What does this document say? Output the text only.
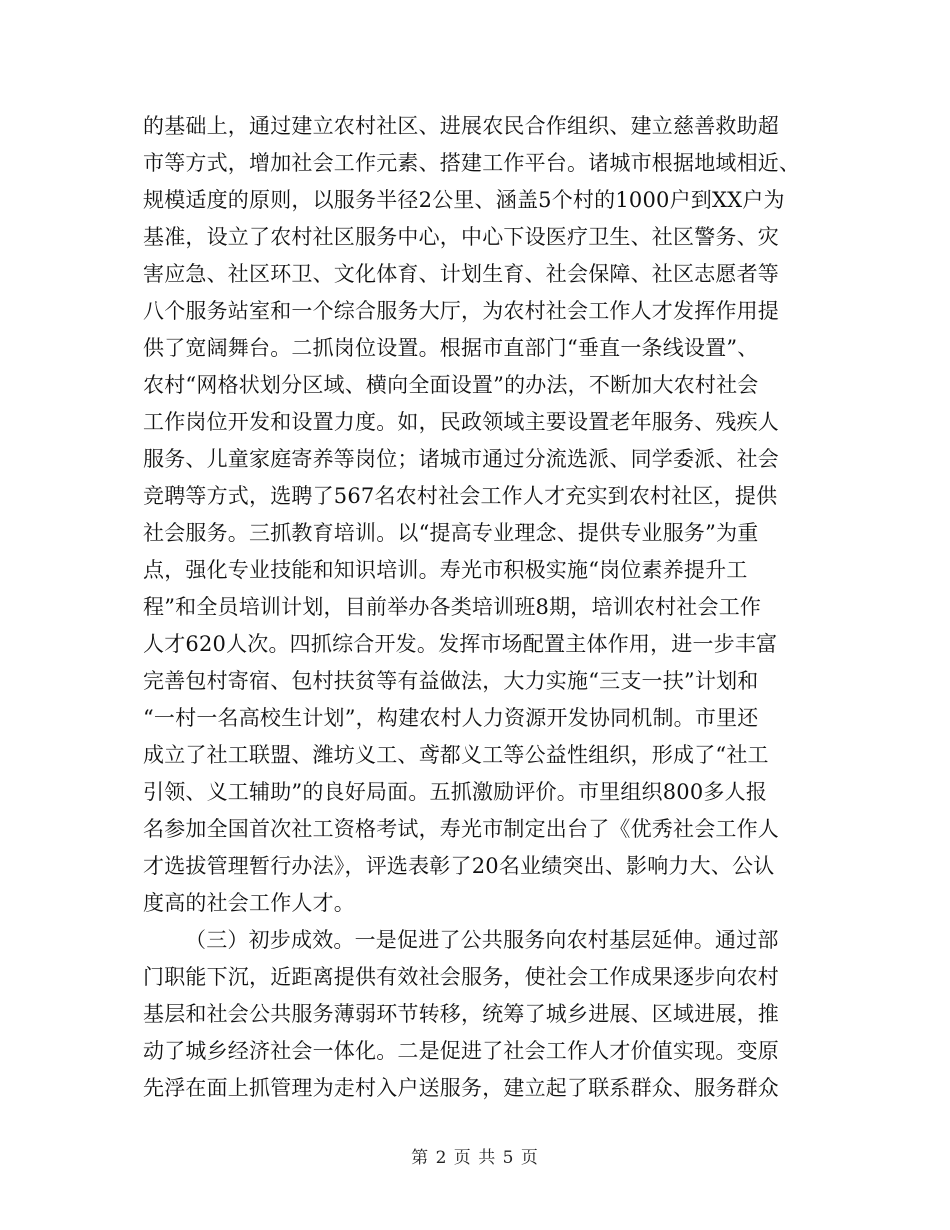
的基础上，通过建立农村社区、进展农民合作组织、建立慈善救助超
市等方式，增加社会工作元素、搭建工作平台。诸城市根据地域相近、
规模适度的原则，以服务半径2公里、涵盖5个村的1000户到XX户为
基准，设立了农村社区服务中心，中心下设医疗卫生、社区警务、灾
害应急、社区环卫、文化体育、计划生育、社会保障、社区志愿者等
八个服务站室和一个综合服务大厅，为农村社会工作人才发挥作用提
供了宽阔舞台。二抓岗位设置。根据市直部门“垂直一条线设置”、
农村“网格状划分区域、横向全面设置”的办法，不断加大农村社会
工作岗位开发和设置力度。如，民政领域主要设置老年服务、残疾人
服务、儿童家庭寄养等岗位；诸城市通过分流选派、同学委派、社会
竞聘等方式，选聘了567名农村社会工作人才充实到农村社区，提供
社会服务。三抓教育培训。以“提高专业理念、提供专业服务”为重
点，强化专业技能和知识培训。寿光市积极实施“岗位素养提升工
程”和全员培训计划，目前举办各类培训班8期，培训农村社会工作
人才620人次。四抓综合开发。发挥市场配置主体作用，进一步丰富
完善包村寄宿、包村扶贫等有益做法，大力实施“三支一扶”计划和
“一村一名高校生计划”，构建农村人力资源开发协同机制。市里还
成立了社工联盟、潍坊义工、鸢都义工等公益性组织，形成了“社工
引领、义工辅助”的良好局面。五抓激励评价。市里组织800多人报
名参加全国首次社工资格考试，寿光市制定出台了《优秀社会工作人
才选拔管理暂行办法》，评选表彰了20名业绩突出、影响力大、公认
度高的社会工作人才。
（三）初步成效。一是促进了公共服务向农村基层延伸。通过部
门职能下沉，近距离提供有效社会服务，使社会工作成果逐步向农村
基层和社会公共服务薄弱环节转移，统筹了城乡进展、区域进展，推
动了城乡经济社会一体化。二是促进了社会工作人才价值实现。变原
先浮在面上抓管理为走村入户送服务，建立起了联系群众、服务群众
第 2 页 共 5 页
